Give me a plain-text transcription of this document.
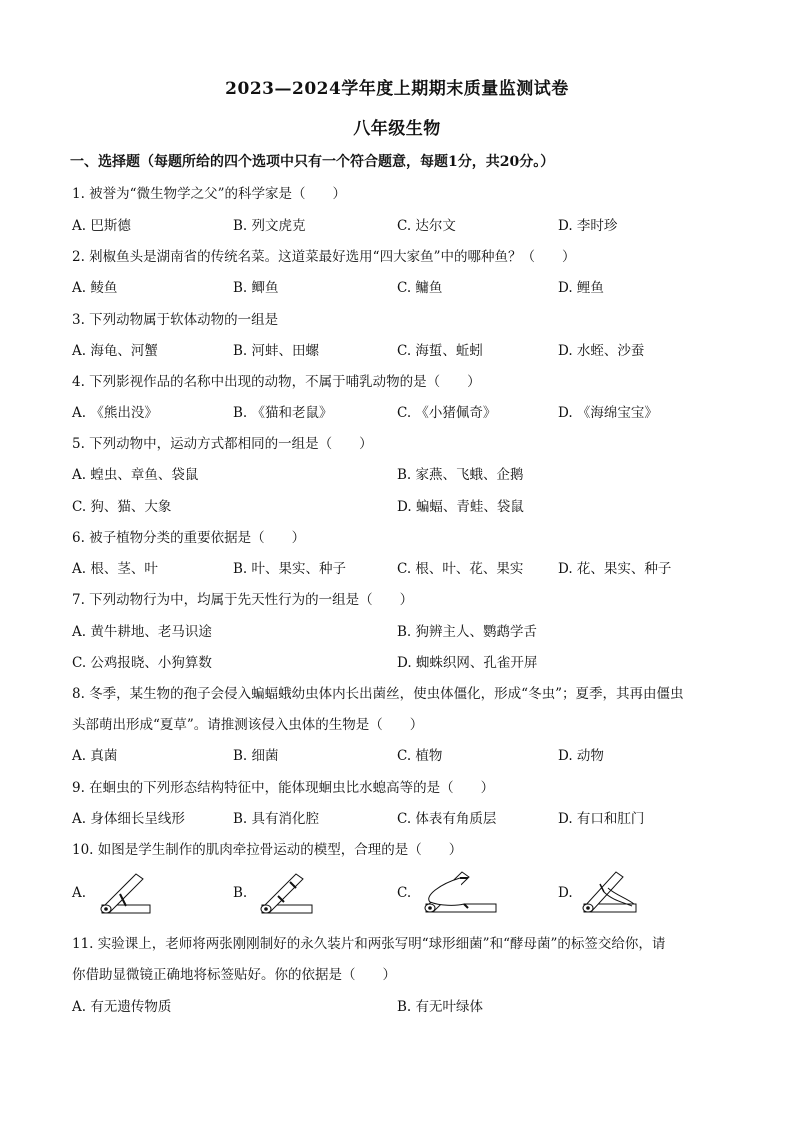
2023—2024学年度上期期末质量监测试卷
八年级生物
一、选择题（每题所给的四个选项中只有一个符合题意，每题1分，共20分。）
1. 被誉为“微生物学之父”的科学家是（　　）
A. 巴斯德	B. 列文虎克	C. 达尔文	D. 李时珍
2. 剁椒鱼头是湖南省的传统名菜。这道菜最好选用“四大家鱼”中的哪种鱼？（　　）
A. 鲮鱼	B. 鲫鱼	C. 鳙鱼	D. 鲤鱼
3. 下列动物属于软体动物的一组是
A. 海龟、河蟹	B. 河蚌、田螺	C. 海蜇、蚯蚓	D. 水蛭、沙蚕
4. 下列影视作品的名称中出现的动物，不属于哺乳动物的是（　　）
A. 《熊出没》	B. 《猫和老鼠》	C. 《小猪佩奇》	D. 《海绵宝宝》
5. 下列动物中，运动方式都相同的一组是（　　）
A. 蝗虫、章鱼、袋鼠	B. 家燕、飞蛾、企鹅
C. 狗、猫、大象	D. 蝙蝠、青蛙、袋鼠
6. 被子植物分类的重要依据是（　　）
A. 根、茎、叶	B. 叶、果实、种子	C. 根、叶、花、果实	D. 花、果实、种子
7. 下列动物行为中，均属于先天性行为的一组是（　　）
A. 黄牛耕地、老马识途	B. 狗辨主人、鹦鹉学舌
C. 公鸡报晓、小狗算数	D. 蜘蛛织网、孔雀开屏
8. 冬季，某生物的孢子会侵入蝙蝠蛾幼虫体内长出菌丝，使虫体僵化，形成“冬虫”；夏季，其再由僵虫
头部萌出形成“夏草”。请推测该侵入虫体的生物是（　　）
A. 真菌	B. 细菌	C. 植物	D. 动物
9. 在蛔虫的下列形态结构特征中，能体现蛔虫比水螅高等的是（　　）
A. 身体细长呈线形	B. 具有消化腔	C. 体表有角质层	D. 有口和肛门
10. 如图是学生制作的肌肉牵拉骨运动的模型，合理的是（　　）
A.	B.	C.	D.
11. 实验课上，老师将两张刚刚制好的永久装片和两张写明“球形细菌”和“酵母菌”的标签交给你，请
你借助显微镜正确地将标签贴好。你的依据是（　　）
A. 有无遗传物质	B. 有无叶绿体
